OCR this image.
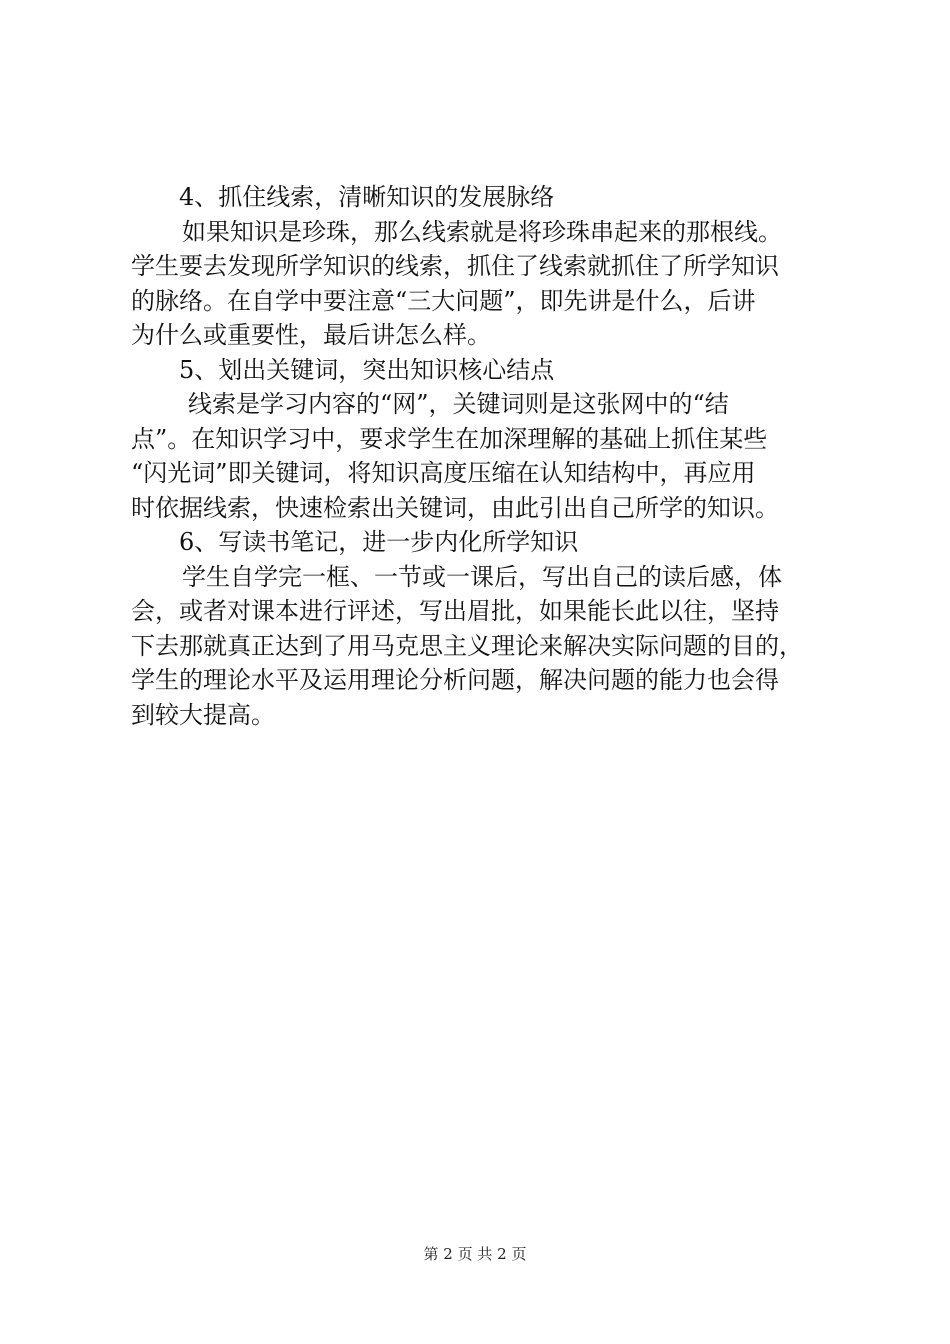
4、抓住线索，清晰知识的发展脉络
如果知识是珍珠，那么线索就是将珍珠串起来的那根线。
学生要去发现所学知识的线索，抓住了线索就抓住了所学知识
的脉络。在自学中要注意“三大问题”，即先讲是什么，后讲
为什么或重要性，最后讲怎么样。
5、划出关键词，突出知识核心结点
线索是学习内容的“网”，关键词则是这张网中的“结
点”。在知识学习中，要求学生在加深理解的基础上抓住某些
“闪光词”即关键词，将知识高度压缩在认知结构中，再应用
时依据线索，快速检索出关键词，由此引出自己所学的知识。
6、写读书笔记，进一步内化所学知识
学生自学完一框、一节或一课后，写出自己的读后感，体
会，或者对课本进行评述，写出眉批，如果能长此以往，坚持
下去那就真正达到了用马克思主义理论来解决实际问题的目的，
学生的理论水平及运用理论分析问题，解决问题的能力也会得
到较大提高。
第 2 页 共 2 页
